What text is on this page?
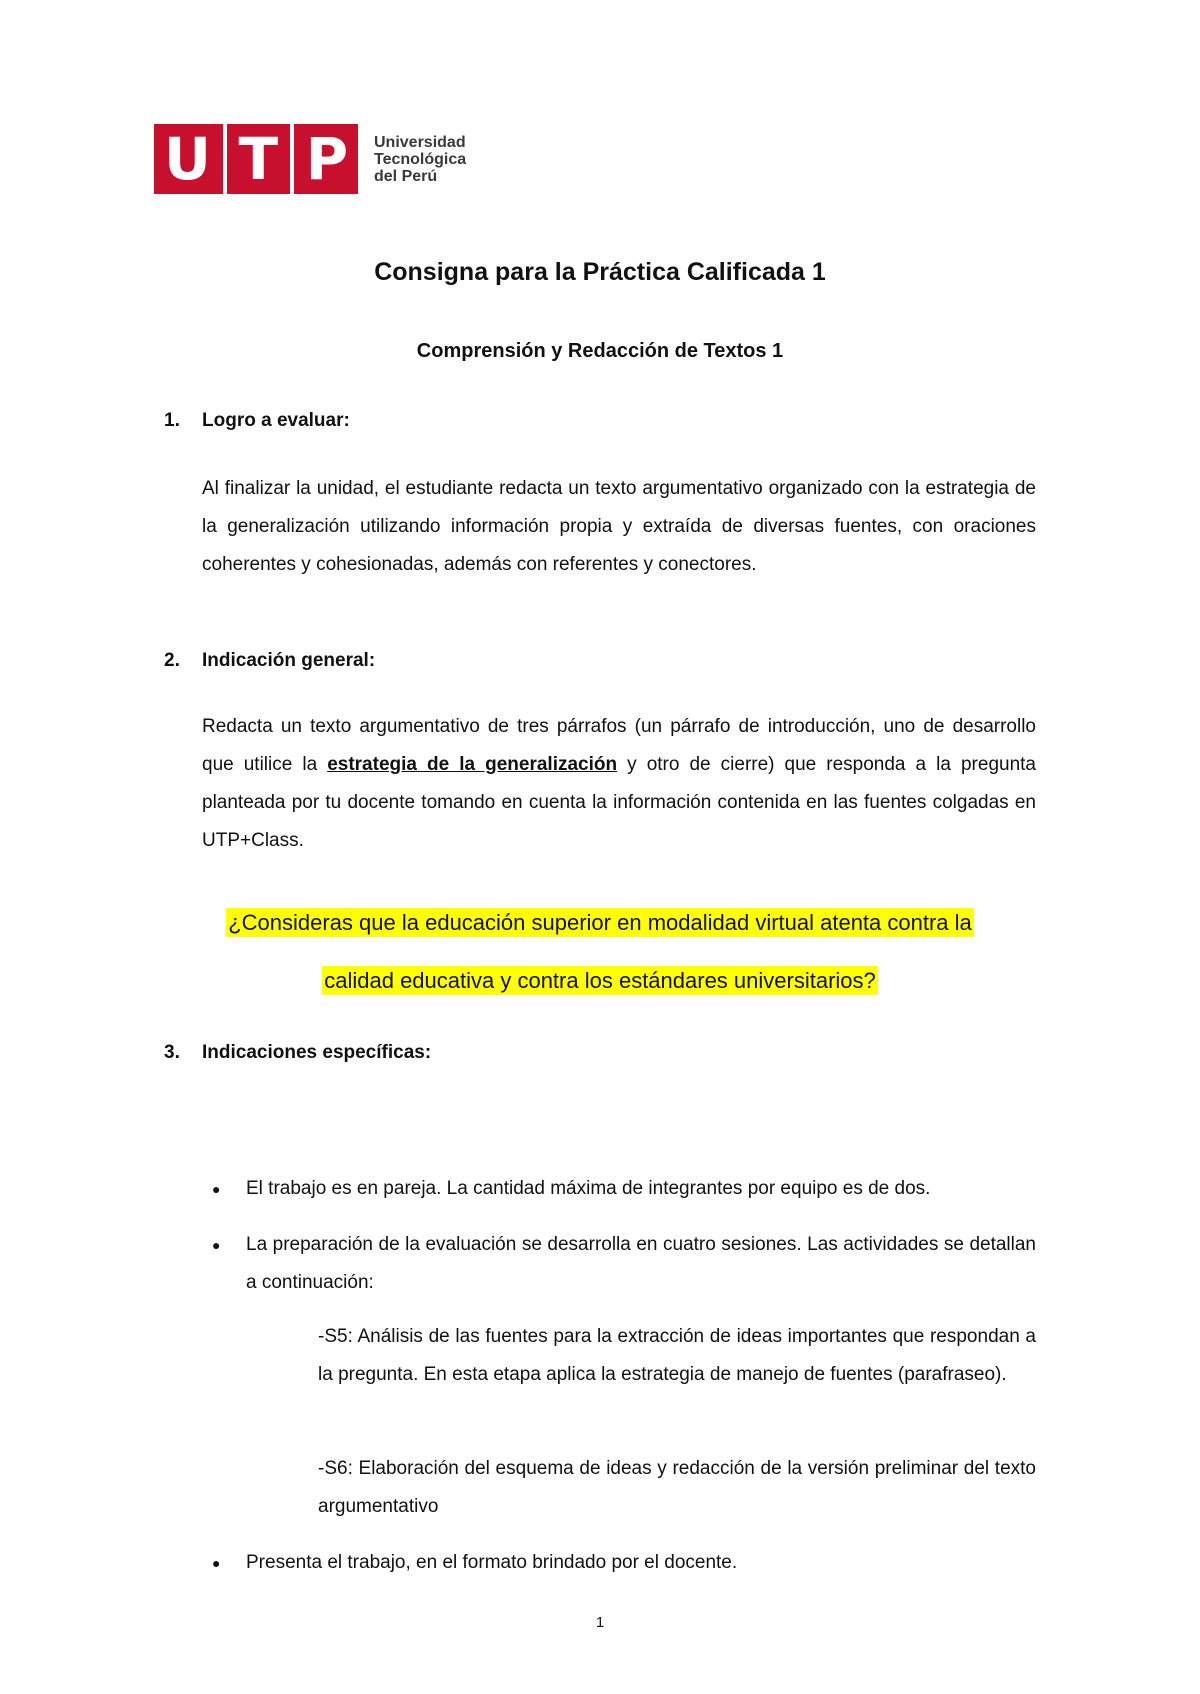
U T P Universidad
Tecnológica
del Perú
Consigna para la Práctica Calificada 1
Comprensión y Redacción de Textos 1
1. Logro a evaluar:
Al finalizar la unidad, el estudiante redacta un texto argumentativo organizado con la estrategia de la generalización utilizando información propia y extraída de diversas fuentes, con oraciones coherentes y cohesionadas, además con referentes y conectores.
2. Indicación general:
Redacta un texto argumentativo de tres párrafos (un párrafo de introducción, uno de desarrollo que utilice la estrategia de la generalización y otro de cierre) que responda a la pregunta planteada por tu docente tomando en cuenta la información contenida en las fuentes colgadas en UTP+Class.
¿Consideras que la educación superior en modalidad virtual atenta contra la
calidad educativa y contra los estándares universitarios?
3. Indicaciones específicas:
● El trabajo es en pareja. La cantidad máxima de integrantes por equipo es de dos.
● La preparación de la evaluación se desarrolla en cuatro sesiones. Las actividades se detallan a continuación:
-S5: Análisis de las fuentes para la extracción de ideas importantes que respondan a la pregunta. En esta etapa aplica la estrategia de manejo de fuentes (parafraseo).
-S6: Elaboración del esquema de ideas y redacción de la versión preliminar del texto argumentativo
● Presenta el trabajo, en el formato brindado por el docente.
1
